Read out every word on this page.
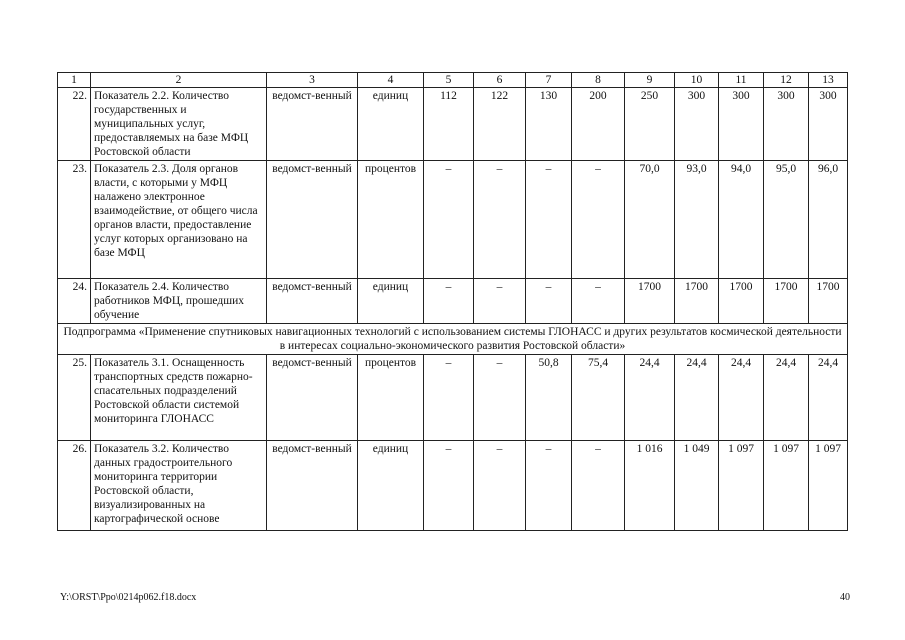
1	2	3	4	5	6	7	8	9	10	11	12	13
22.	Показатель 2.2. Количество государственных и муниципальных услуг, предоставляемых на базе МФЦ Ростовской области	ведомст-венный	единиц	112	122	130	200	250	300	300	300	300
23.	Показатель 2.3. Доля органов власти, с которыми у МФЦ налажено электронное взаимодействие, от общего числа органов власти, предоставление услуг которых организовано на базе МФЦ	ведомст-венный	процентов	–	–	–	–	70,0	93,0	94,0	95,0	96,0
24.	Показатель 2.4. Количество работников МФЦ, прошедших обучение	ведомст-венный	единиц	–	–	–	–	1700	1700	1700	1700	1700
Подпрограмма «Применение спутниковых навигационных технологий с использованием системы ГЛОНАСС и других результатов космической деятельности в интересах социально-экономического развития Ростовской области»												
25.	Показатель 3.1. Оснащенность транспортных средств пожарно-спасательных подразделений Ростовской области системой мониторинга ГЛОНАСС	ведомст-венный	процентов	–	–	50,8	75,4	24,4	24,4	24,4	24,4	24,4
26.	Показатель 3.2. Количество данных градостроительного мониторинга территории Ростовской области, визуализированных на картографической основе	ведомст-венный	единиц	–	–	–	–	1 016	1 049	1 097	1 097	1 097
Y:\ORST\Ppo\0214p062.f18.docx	40
